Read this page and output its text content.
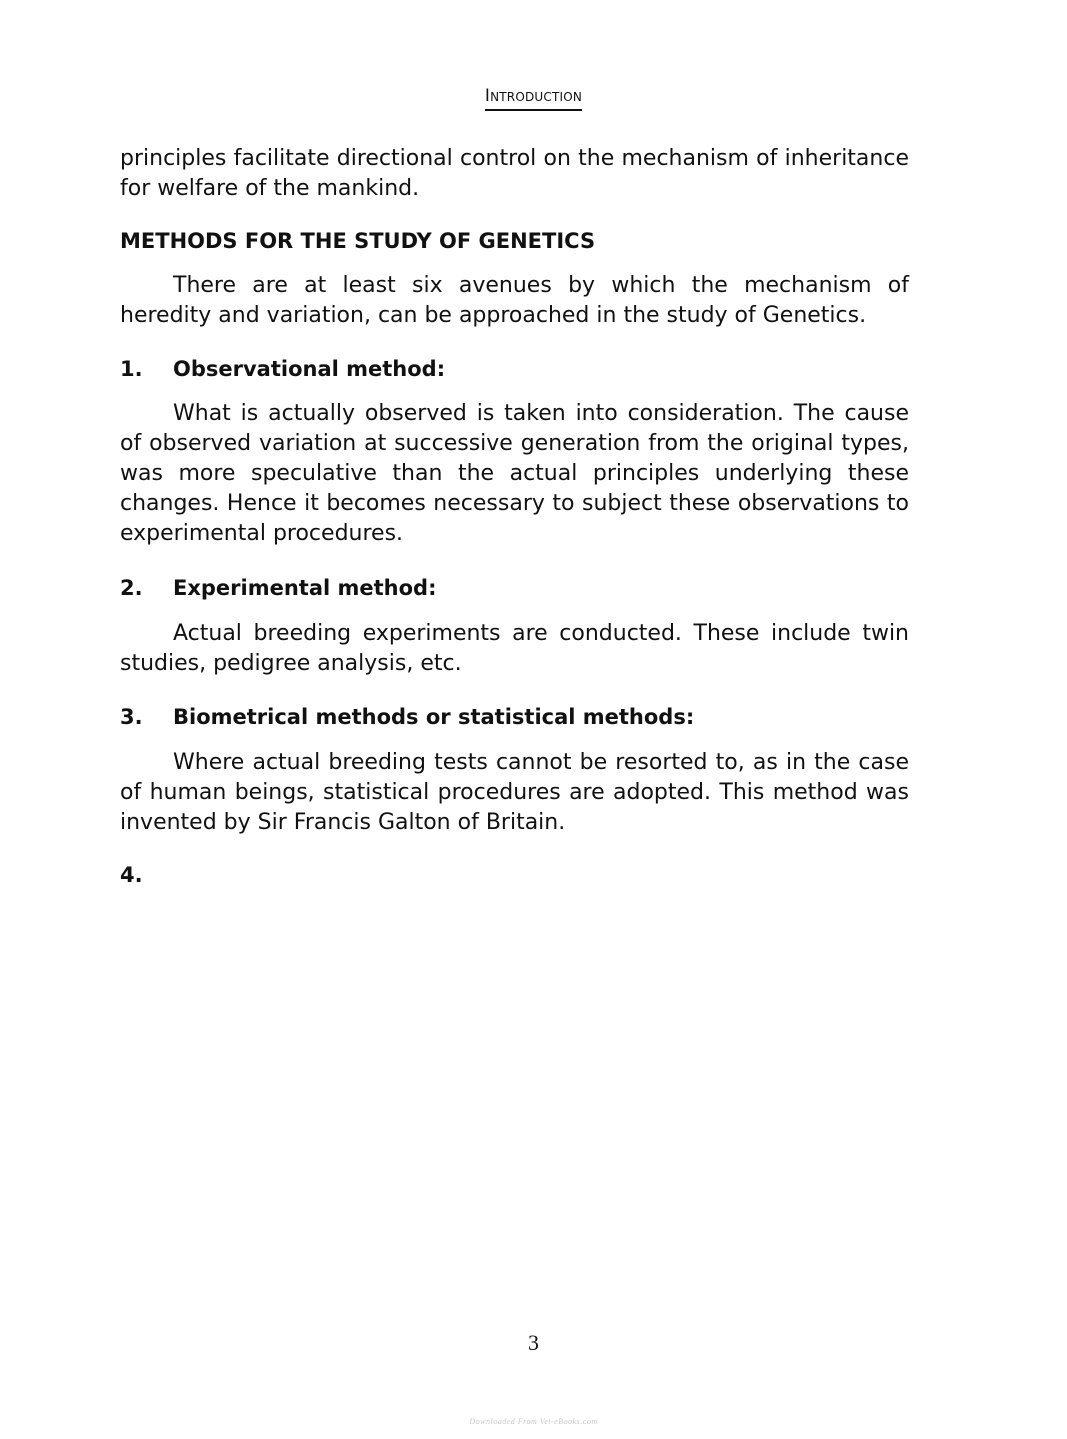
Introduction

principles facilitate directional control on the mechanism of inheritance for welfare of the mankind.

METHODS FOR THE STUDY OF GENETICS

There are at least six avenues by which the mechanism of heredity and variation, can be approached in the study of Genetics.

1. Observational method:

What is actually observed is taken into consideration. The cause of observed variation at successive generation from the original types, was more speculative than the actual principles underlying these changes. Hence it becomes necessary to subject these observations to experimental procedures.

2. Experimental method:

Actual breeding experiments are conducted. These include twin studies, pedigree analysis, etc.

3. Biometrical methods or statistical methods:

Where actual breeding tests cannot be resorted to, as in the case of human beings, statistical procedures are adopted. This method was invented by Sir Francis Galton of Britain.

4.
3
Downloaded From Vet-eBooks.com
